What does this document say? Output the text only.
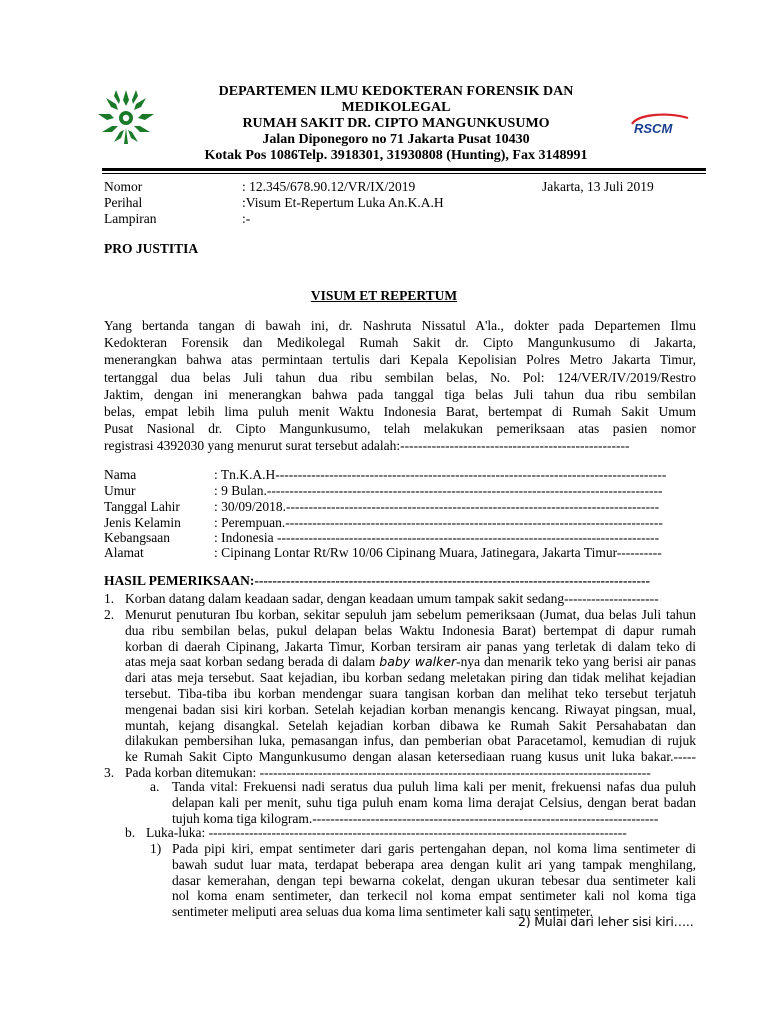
DEPARTEMEN ILMU KEDOKTERAN FORENSIK DAN
MEDIKOLEGAL
RUMAH SAKIT DR. CIPTO MANGUNKUSUMO
Jalan Diponegoro no 71 Jakarta Pusat 10430
Kotak Pos 1086Telp. 3918301, 31930808 (Hunting), Fax 3148991
RSCM
Nomor	: 12.345/678.90.12/VR/IX/2019	Jakarta, 13 Juli 2019
Perihal	:Visum Et-Repertum Luka An.K.A.H
Lampiran	:-
PRO JUSTITIA
VISUM ET REPERTUM
Yang bertanda tangan di bawah ini, dr. Nashruta Nissatul A'la., dokter pada Departemen Ilmu
Kedokteran Forensik dan Medikolegal Rumah Sakit dr. Cipto Mangunkusumo di Jakarta,
menerangkan bahwa atas permintaan tertulis dari Kepala Kepolisian Polres Metro Jakarta Timur,
tertanggal dua belas Juli tahun dua ribu sembilan belas, No. Pol: 124/VER/IV/2019/Restro
Jaktim, dengan ini menerangkan bahwa pada tanggal tiga belas Juli tahun dua ribu sembilan
belas, empat lebih lima puluh menit Waktu Indonesia Barat, bertempat di Rumah Sakit Umum
Pusat Nasional dr. Cipto Mangunkusumo, telah melakukan pemeriksaan atas pasien nomor
registrasi 4392030 yang menurut surat tersebut adalah:---------------------------------------------------
Nama	: Tn.K.A.H---------------------------------------------------------------------------------------
Umur	: 9 Bulan.----------------------------------------------------------------------------------------
Tanggal Lahir	: 30/09/2018.-----------------------------------------------------------------------------------
Jenis Kelamin : Perempuan.------------------------------------------------------------------------------------
Kebangsaan	: Indonesia -------------------------------------------------------------------------------------
Alamat	: Cipinang Lontar Rt/Rw 10/06 Cipinang Muara, Jatinegara, Jakarta Timur----------
HASIL PEMERIKSAAN:----------------------------------------------------------------------------------------
1. Korban datang dalam keadaan sadar, dengan keadaan umum tampak sakit sedang---------------------
2. Menurut penuturan Ibu korban, sekitar sepuluh jam sebelum pemeriksaan (Jumat, dua belas Juli tahun
dua ribu sembilan belas, pukul delapan belas Waktu Indonesia Barat) bertempat di dapur rumah
korban di daerah Cipinang, Jakarta Timur, Korban tersiram air panas yang terletak di dalam teko di
atas meja saat korban sedang berada di dalam baby walker-nya dan menarik teko yang berisi air panas
dari atas meja tersebut. Saat kejadian, ibu korban sedang meletakan piring dan tidak melihat kejadian
tersebut. Tiba-tiba ibu korban mendengar suara tangisan korban dan melihat teko tersebut terjatuh
mengenai badan sisi kiri korban. Setelah kejadian korban menangis kencang. Riwayat pingsan, mual,
muntah, kejang disangkal. Setelah kejadian korban dibawa ke Rumah Sakit Persahabatan dan
dilakukan pembersihan luka, pemasangan infus, dan pemberian obat Paracetamol, kemudian di rujuk
ke Rumah Sakit Cipto Mangunkusumo dengan alasan ketersediaan ruang kusus unit luka bakar.-----
3. Pada korban ditemukan: ---------------------------------------------------------------------------------------
a. Tanda vital: Frekuensi nadi seratus dua puluh lima kali per menit, frekuensi nafas dua puluh
delapan kali per menit, suhu tiga puluh enam koma lima derajat Celsius, dengan berat badan
tujuh koma tiga kilogram.-----------------------------------------------------------------------------
b. Luka-luka: ---------------------------------------------------------------------------------------------
1) Pada pipi kiri, empat sentimeter dari garis pertengahan depan, nol koma lima sentimeter di
bawah sudut luar mata, terdapat beberapa area dengan kulit ari yang tampak menghilang,
dasar kemerahan, dengan tepi bewarna cokelat, dengan ukuran tebesar dua sentimeter kali
nol koma enam sentimeter, dan terkecil nol koma empat sentimeter kali nol koma tiga
sentimeter meliputi area seluas dua koma lima sentimeter kali satu sentimeter.
2) Mulai dari leher sisi kiri…..
